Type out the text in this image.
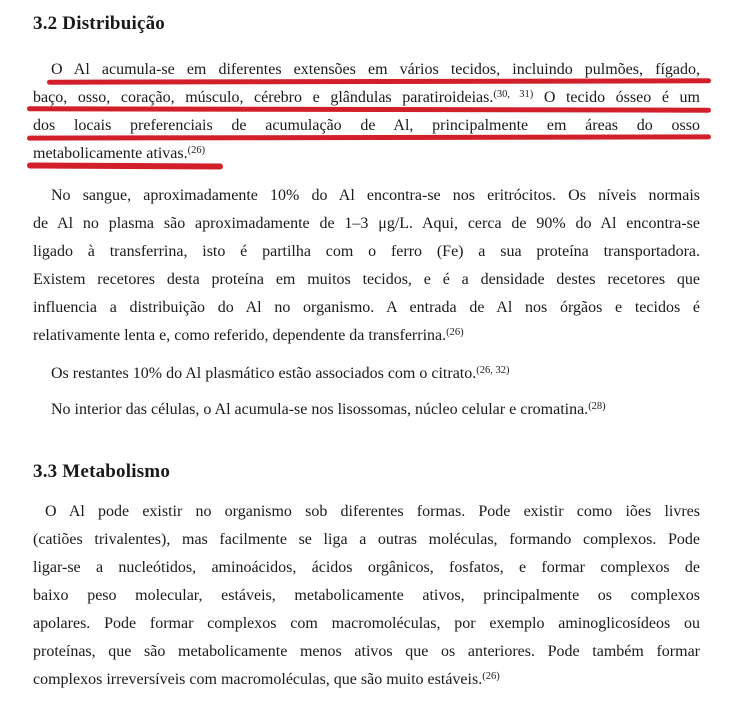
3.2 Distribuição
O Al acumula-se em diferentes extensões em vários tecidos, incluindo pulmões, fígado,
baço, osso, coração, músculo, cérebro e glândulas paratiroideias.$^{(30, 31)}$ O tecido ósseo é um
dos locais preferenciais de acumulação de Al, principalmente em áreas do osso
metabolicamente ativas.$^{(26)}$
No sangue, aproximadamente 10% do Al encontra-se nos eritrócitos. Os níveis normais
de Al no plasma são aproximadamente de 1–3 μg/L. Aqui, cerca de 90% do Al encontra-se
ligado à transferrina, isto é partilha com o ferro (Fe) a sua proteína transportadora.
Existem recetores desta proteína em muitos tecidos, e é a densidade destes recetores que
influencia a distribuição do Al no organismo. A entrada de Al nos órgãos e tecidos é
relativamente lenta e, como referido, dependente da transferrina.$^{(26)}$
Os restantes 10% do Al plasmático estão associados com o citrato.$^{(26, 32)}$
No interior das células, o Al acumula-se nos lisossomas, núcleo celular e cromatina.$^{(28)}$
3.3 Metabolismo
O Al pode existir no organismo sob diferentes formas. Pode existir como iões livres
(catiões trivalentes), mas facilmente se liga a outras moléculas, formando complexos. Pode
ligar-se a nucleótidos, aminoácidos, ácidos orgânicos, fosfatos, e formar complexos de
baixo peso molecular, estáveis, metabolicamente ativos, principalmente os complexos
apolares. Pode formar complexos com macromoléculas, por exemplo aminoglicosídeos ou
proteínas, que são metabolicamente menos ativos que os anteriores. Pode também formar
complexos irreversíveis com macromoléculas, que são muito estáveis.$^{(26)}$
